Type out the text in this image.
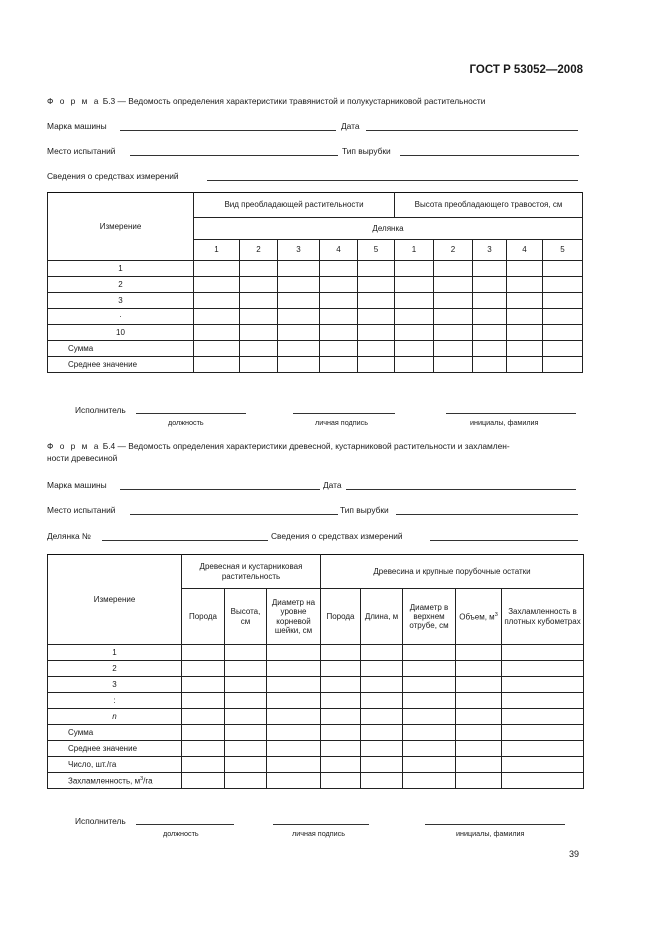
ГОСТ Р 53052—2008
Ф о р м а Б.3 — Ведомость определения характеристики травянистой и полукустарниковой растительности
Марка машины	Дата
Место испытаний	Тип вырубки
Сведения о средствах измерений
Измерение	Вид преобладающей растительности					Высота преобладающего травостоя, см				
	Делянка									
	1	2	3	4	5	1	2	3	4	5
1										
2										
3										
·										
10										
Сумма										
Среднее значение										
Исполнитель
должность	личная подпись	инициалы, фамилия
Ф о р м а Б.4 — Ведомость определения характеристики древесной, кустарниковой растительности и захламлен-
ности древесиной
Марка машины	Дата
Место испытаний	Тип вырубки
Делянка №	Сведения о средствах измерений
Измерение	Древесная и кустарниковая растительность			Древесина и крупные порубочные остатки				
	Порода	Высота, см	Диаметр на уровне корневой шейки, см	Порода	Длина, м	Диаметр в верхнем отрубе, см	Объем, $м^3$	Захламленность в плотных кубометрах
1								
2								
3								
:								
n								
Сумма								
Среднее значение								
Число, шт./га								
Захламленность, $м^3/га$								
Исполнитель
должность	личная подпись	инициалы, фамилия
39
